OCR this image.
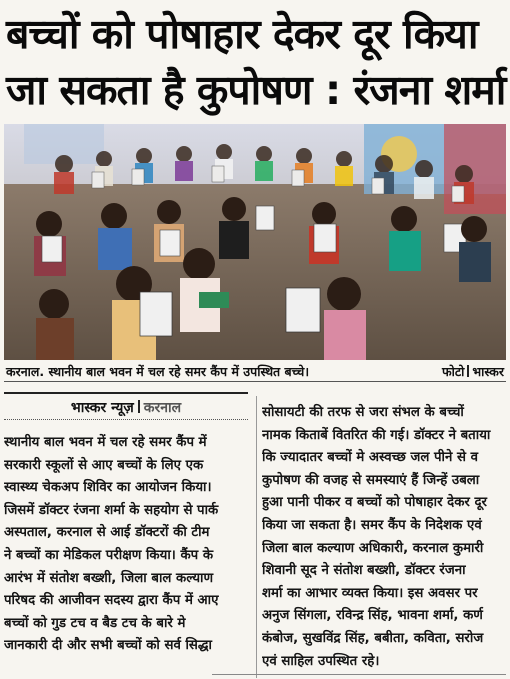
बच्चों को पोषाहार देकर दूर किया
जा सकता है कुपोषण : रंजना शर्मा
करनाल. स्थानीय बाल भवन में चल रहे समर कैंप में उपस्थित बच्चे।	फोटो भास्कर
भास्कर न्यूज़ करनाल
स्थानीय बाल भवन में चल रहे समर कैंप में
सरकारी स्कूलों से आए बच्चों के लिए एक
स्वास्थ्य चेकअप शिविर का आयोजन किया।
जिसमें डॉक्टर रंजना शर्मा के सहयोग से पार्क
अस्पताल, करनाल से आई डॉक्टरों की टीम
ने बच्चों का मेडिकल परीक्षण किया। कैंप के
आरंभ में संतोश बख्शी, जिला बाल कल्याण
परिषद की आजीवन सदस्य द्वारा कैंप में आए
बच्चों को गुड टच व बैड टच के बारे मे
जानकारी दी और सभी बच्चों को सर्व सिद्धा
सोसायटी की तरफ से जरा संभल के बच्चों
नामक किताबें वितरित की गई। डॉक्टर ने बताया
कि ज्यादातर बच्चों मे अस्वच्छ जल पीने से व
कुपोषण की वजह से समस्याएं हैं जिन्हें उबला
हुआ पानी पीकर व बच्चों को पोषाहार देकर दूर
किया जा सकता है। समर कैंप के निदेशक एवं
जिला बाल कल्याण अधिकारी, करनाल कुमारी
शिवानी सूद ने संतोश बख्शी, डॉक्टर रंजना
शर्मा का आभार व्यक्त किया। इस अवसर पर
अनुज सिंगला, रविन्द्र सिंह, भावना शर्मा, कर्ण
कंबोज, सुखविंद्र सिंह, बबीता, कविता, सरोज
एवं साहिल उपस्थित रहे।
